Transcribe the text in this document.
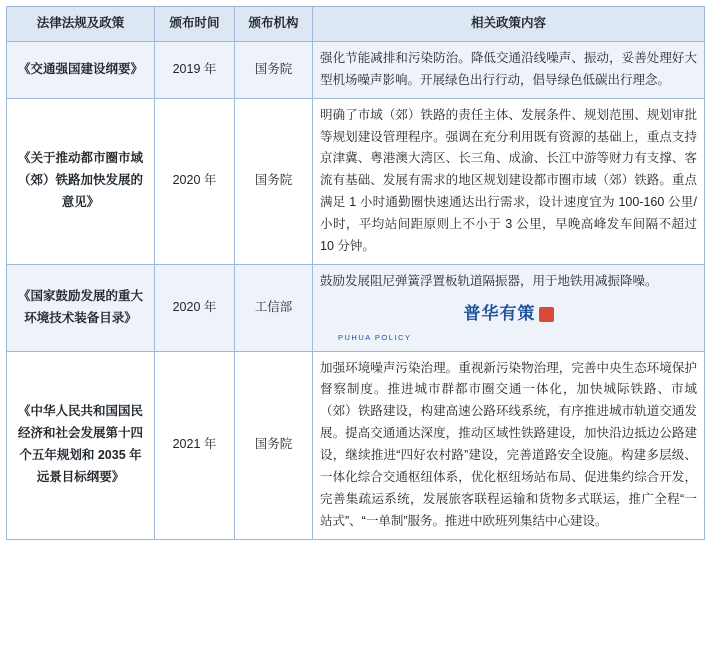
法律法规及政策	颁布时间	颁布机构	相关政策内容
《交通强国建设纲要》	2019 年	国务院	强化节能减排和污染防治。降低交通沿线噪声、振动，妥善处理好大型机场噪声影响。开展绿色出行行动，倡导绿色低碳出行理念。
《关于推动都市圈市域（郊）铁路加快发展的意见》	2020 年	国务院	明确了市域（郊）铁路的责任主体、发展条件、规划范围、规划审批等规划建设管理程序。强调在充分利用既有资源的基础上，重点支持京津冀、粤港澳大湾区、长三角、成渝、长江中游等财力有支撑、客流有基础、发展有需求的地区规划建设都市圈市域（郊）铁路。重点满足 1 小时通勤圈快速通达出行需求，设计速度宜为 100-160 公里/小时，平均站间距原则上不小于 3 公里，早晚高峰发车间隔不超过 10 分钟。
《国家鼓励发展的重大环境技术装备目录》	2020 年	工信部	鼓励发展阻尼弹簧浮置板轨道隔振器，用于地铁用减振降噪。
普华有策
PUHUA POLICY

《中华人民共和国国民经济和社会发展第十四个五年规划和 2035 年远景目标纲要》	2021 年	国务院	加强环境噪声污染治理。重视新污染物治理，完善中央生态环境保护督察制度。推进城市群都市圈交通一体化，加快城际铁路、市域（郊）铁路建设，构建高速公路环线系统，有序推进城市轨道交通发展。提高交通通达深度，推动区域性铁路建设，加快沿边抵边公路建设，继续推进“四好农村路”建设，完善道路安全设施。构建多层级、一体化综合交通枢纽体系，优化枢纽场站布局、促进集约综合开发，完善集疏运系统，发展旅客联程运输和货物多式联运，推广全程“一站式”、“一单制”服务。推进中欧班列集结中心建设。
